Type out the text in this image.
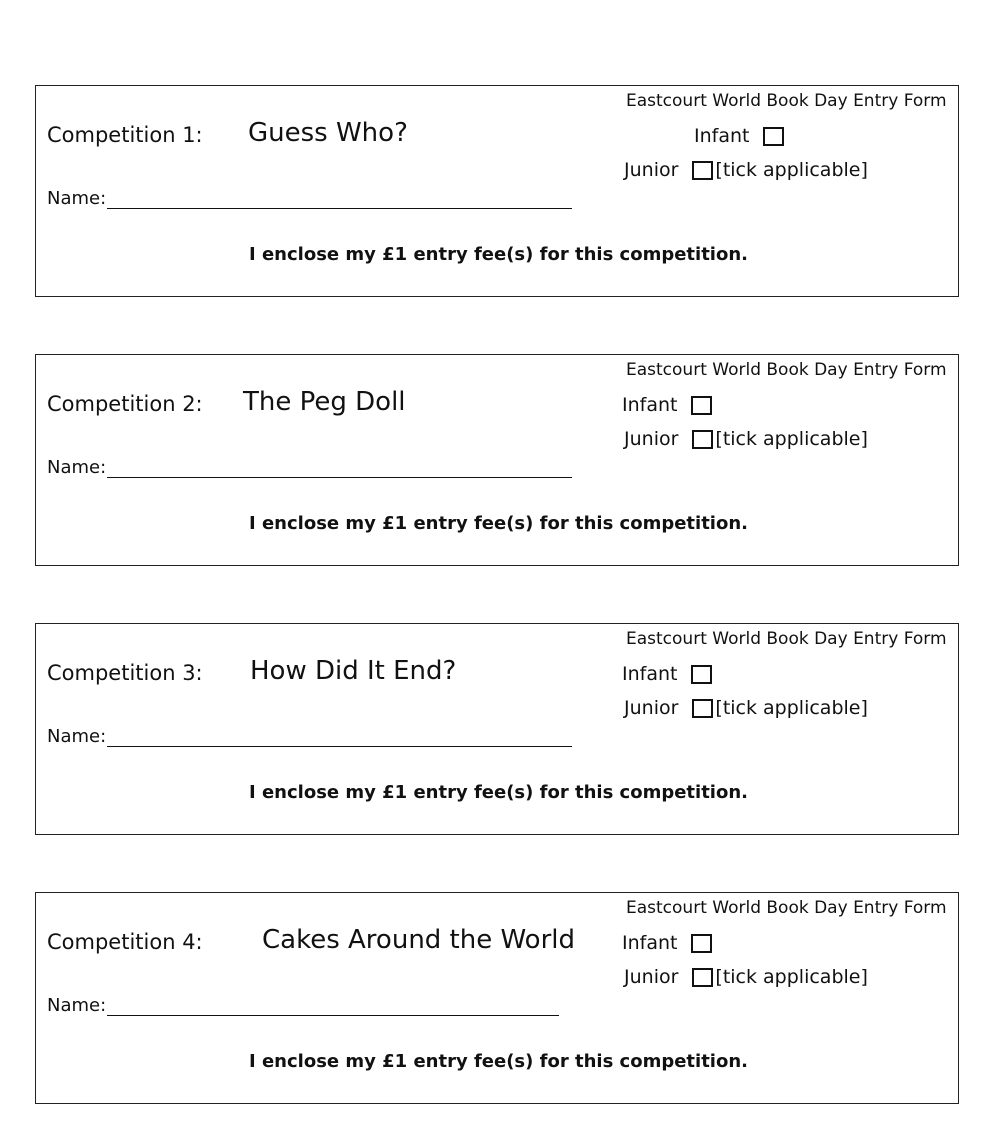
Competition 1: Guess Who?
Name:
Eastcourt World Book Day Entry Form
Infant
Junior [tick applicable]
I enclose my £1 entry fee(s) for this competition.
Competition 2: The Peg Doll
Name:
Eastcourt World Book Day Entry Form
Infant
Junior [tick applicable]
I enclose my £1 entry fee(s) for this competition.
Competition 3: How Did It End?
Name:
Eastcourt World Book Day Entry Form
Infant
Junior [tick applicable]
I enclose my £1 entry fee(s) for this competition.
Competition 4: Cakes Around the World
Name:
Eastcourt World Book Day Entry Form
Infant
Junior [tick applicable]
I enclose my £1 entry fee(s) for this competition.
